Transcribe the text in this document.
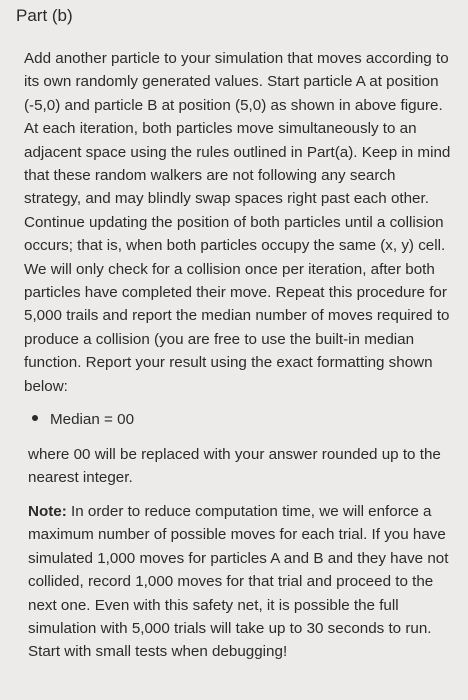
Part (b)

Add another particle to your simulation that moves according to its own randomly generated values. Start particle A at position (-5,0) and particle B at position (5,0) as shown in above figure. At each iteration, both particles move simultaneously to an adjacent space using the rules outlined in Part(a). Keep in mind that these random walkers are not following any search strategy, and may blindly swap spaces right past each other. Continue updating the position of both particles until a collision occurs; that is, when both particles occupy the same (x, y) cell. We will only check for a collision once per iteration, after both particles have completed their move. Repeat this procedure for 5,000 trails and report the median number of moves required to produce a collision (you are free to use the built-in median function. Report your result using the exact formatting shown below:

Median = 00

where 00 will be replaced with your answer rounded up to the nearest integer.

Note: In order to reduce computation time, we will enforce a maximum number of possible moves for each trial. If you have simulated 1,000 moves for particles A and B and they have not collided, record 1,000 moves for that trial and proceed to the next one. Even with this safety net, it is possible the full simulation with 5,000 trials will take up to 30 seconds to run. Start with small tests when debugging!
